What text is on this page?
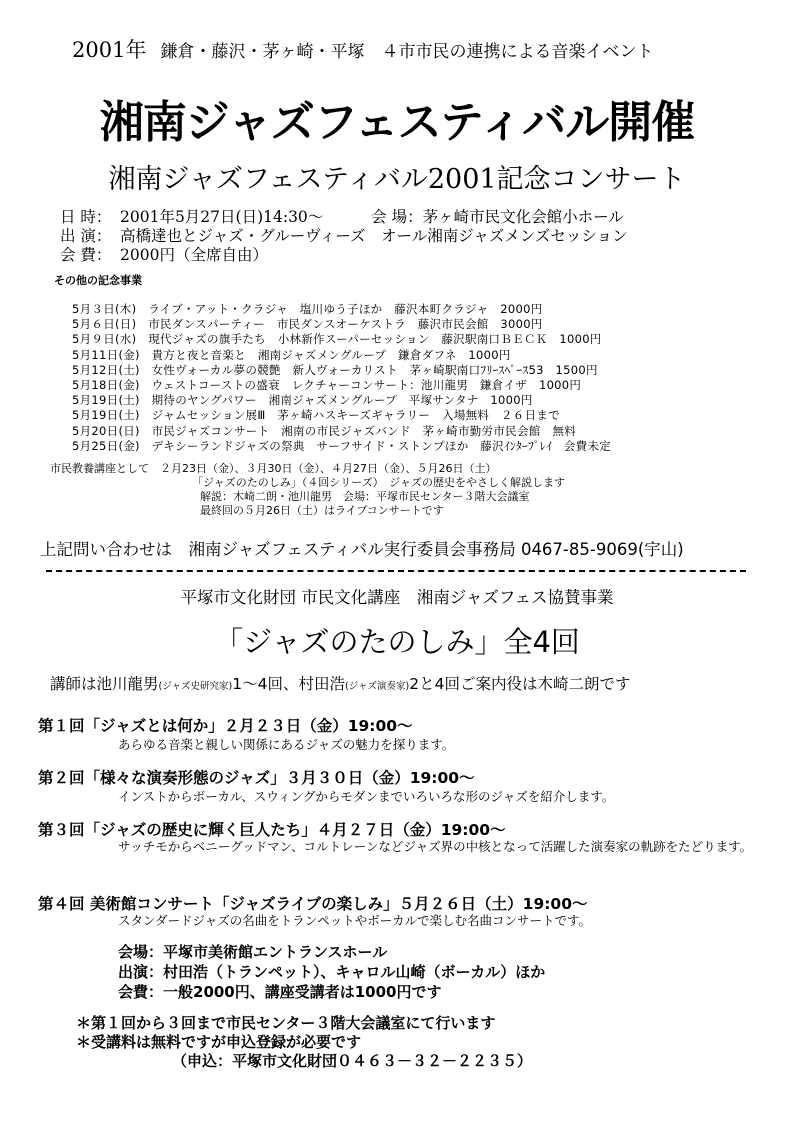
2001年 鎌倉・藤沢・茅ヶ崎・平塚　４市市民の連携による音楽イベント
湘南ジャズフェスティバル開催
湘南ジャズフェスティバル2001記念コンサート
日 時： 2001年5月27日(日)14:30～	会 場：茅ヶ崎市民文化会館小ホール
出 演： 高橋達也とジャズ・グルーヴィーズ　オール湘南ジャズメンズセッション
会 費： 2000円（全席自由）
その他の記念事業
5月３日(木)　ライブ・アット・クラジャ　塩川ゆう子ほか　藤沢本町クラジャ　2000円
5月６日(日)　市民ダンスパーティー　市民ダンスオーケストラ　藤沢市民会館　3000円
5月９日(水)　現代ジャズの旗手たち　小林新作スーパーセッション　藤沢駅南口ＢＥＣＫ　1000円
5月11日(金)　貴方と夜と音楽と　湘南ジャズメングループ　鎌倉ダフネ　1000円
5月12日(土)　女性ヴォーカル夢の競艶　新人ヴォーカリスト　茅ヶ崎駅南口ﾌﾘｰｽﾍﾟｰｽ53　1500円
5月18日(金)　ウェストコーストの盛衰　レクチャーコンサート：池川龍男　鎌倉イザ　1000円
5月19日(土)　期待のヤングパワー　湘南ジャズメングループ　平塚サンタナ　1000円
5月19日(土)　ジャムセッション展Ⅲ　茅ヶ崎ハスキーズギャラリー　入場無料　２６日まで
5月20日(日)　市民ジャズコンサート　湘南の市民ジャズバンド　茅ヶ崎市勤労市民会館　無料
5月25日(金)　デキシーランドジャズの祭典　サーフサイド・ストンプほか　藤沢ｲﾝﾀｰﾌﾟﾚｲ　会費未定
市民教養講座として　２月23日（金）、３月30日（金）、４月27日（金）、５月26日（土）
「ジャズのたのしみ」（４回シリーズ）　ジャズの歴史をやさしく解説します
解説：木崎二朗・池川龍男　会場：平塚市民センター３階大会議室
最終回の５月26日（土）はライブコンサートです
上記問い合わせは　湘南ジャズフェスティバル実行委員会事務局 0467-85-9069(宇山)
平塚市文化財団 市民文化講座　湘南ジャズフェス協賛事業
「ジャズのたのしみ」全4回
講師は池川龍男(ジャズ史研究家)1～4回、村田浩(ジャズ演奏家)2と4回ご案内役は木崎二朗です
第１回「ジャズとは何か」２月２３日（金）19:00～
あらゆる音楽と親しい関係にあるジャズの魅力を探ります。
第２回「様々な演奏形態のジャズ」３月３０日（金）19:00～
インストからボーカル、スウィングからモダンまでいろいろな形のジャズを紹介します。
第３回「ジャズの歴史に輝く巨人たち」４月２７日（金）19:00～
サッチモからベニーグッドマン、コルトレーンなどジャズ界の中核となって活躍した演奏家の軌跡をたどります。
第４回 美術館コンサート「ジャズライブの楽しみ」５月２６日（土）19:00～
スタンダードジャズの名曲をトランペットやボーカルで楽しむ名曲コンサートです。
会場：平塚市美術館エントランスホール
出演：村田浩（トランペット）、キャロル山崎（ボーカル）ほか
会費：一般2000円、講座受講者は1000円です
＊第１回から３回まで市民センター３階大会議室にて行います
＊受講料は無料ですが申込登録が必要です
（申込：平塚市文化財団０４６３－３２－２２３５）
